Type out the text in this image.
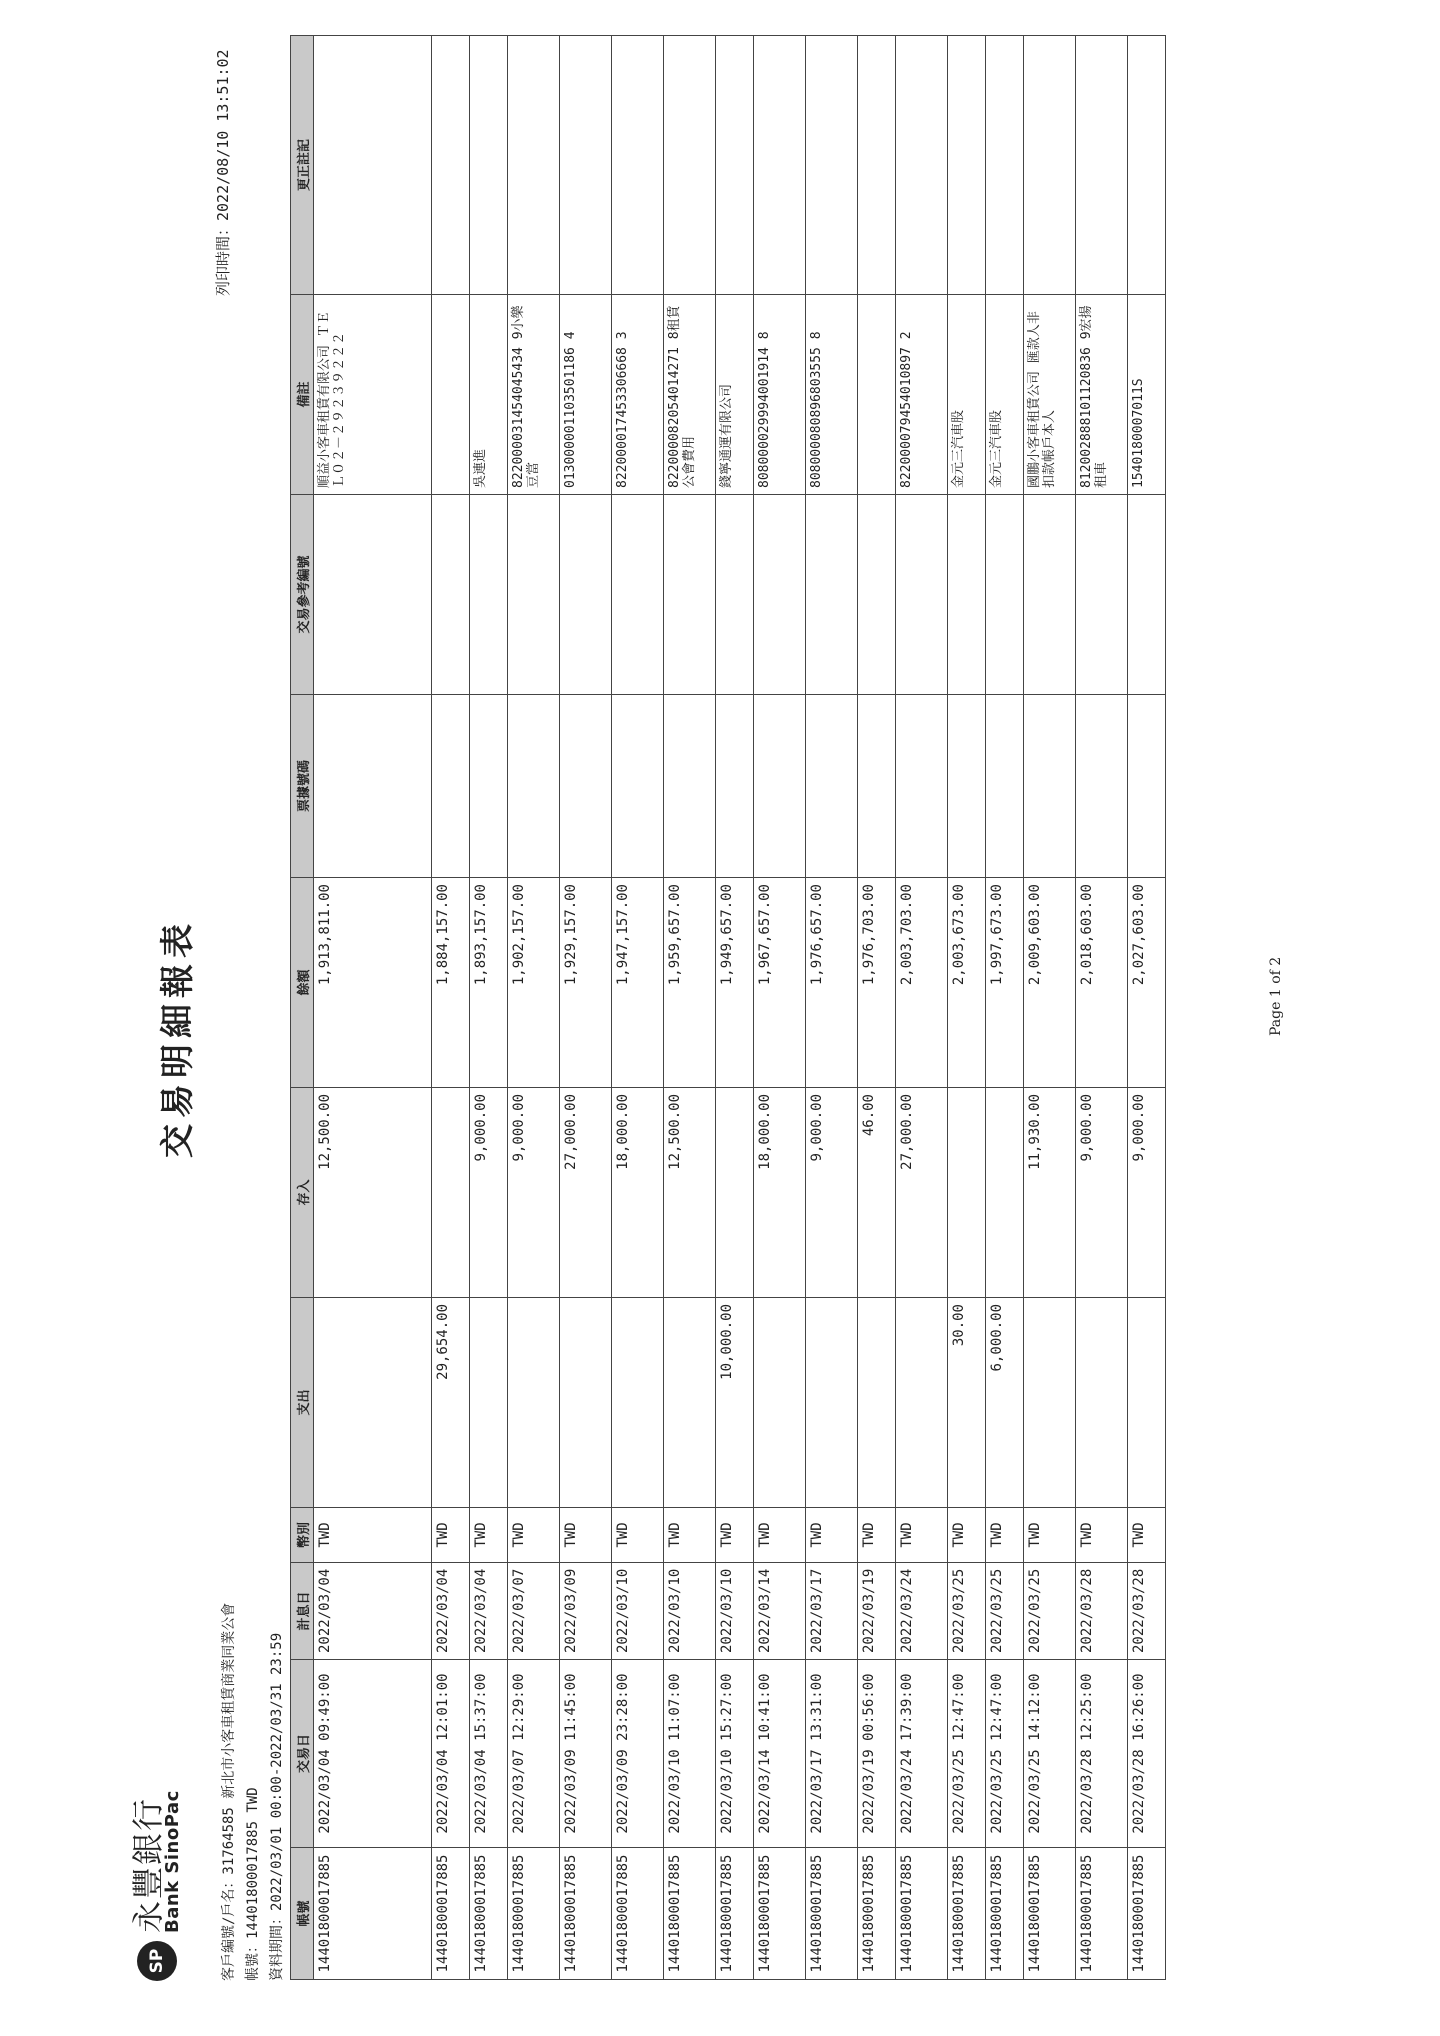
SP
永豐銀行
Bank SinoPac
交易明細報表
客戶編號/戶名：31764585 新北市小客車租賃商業同業公會 帳號：14401800017885 TWD 資料期間：2022/03/01 00:00-2022/03/31 23:59
列印時間：2022/08/10 13:51:02
帳號	交易日	計息日	幣別	支出	存入	餘額	票據號碼	交易參考編號	備註	更正註記
14401800017885	2022/03/04 09:49:00	2022/03/04	TWD		12,500.00	1,913,811.00			順益小客車租賃有限公司 ＴＥＬ０２－２９２３９２２２	
14401800017885	2022/03/04 12:01:00	2022/03/04	TWD	29,654.00		1,884,157.00				
14401800017885	2022/03/04 15:37:00	2022/03/04	TWD		9,000.00	1,893,157.00			吳連進	
14401800017885	2022/03/07 12:29:00	2022/03/07	TWD		9,000.00	1,902,157.00			822000031454045434 9小樂豆當	
14401800017885	2022/03/09 11:45:00	2022/03/09	TWD		27,000.00	1,929,157.00			013000001103501186 4	
14401800017885	2022/03/09 23:28:00	2022/03/10	TWD		18,000.00	1,947,157.00			822000017453306668 3	
14401800017885	2022/03/10 11:07:00	2022/03/10	TWD		12,500.00	1,959,657.00			822000082054014271 8租賃公會費用	
14401800017885	2022/03/10 15:27:00	2022/03/10	TWD	10,000.00		1,949,657.00			錢寧通運有限公司	
14401800017885	2022/03/14 10:41:00	2022/03/14	TWD		18,000.00	1,967,657.00			808000029994001914 8	
14401800017885	2022/03/17 13:31:00	2022/03/17	TWD		9,000.00	1,976,657.00			808000080896803555 8	
14401800017885	2022/03/19 00:56:00	2022/03/19	TWD		46.00	1,976,703.00				
14401800017885	2022/03/24 17:39:00	2022/03/24	TWD		27,000.00	2,003,703.00			822000079454010897 2	
14401800017885	2022/03/25 12:47:00	2022/03/25	TWD	30.00		2,003,673.00			金元三汽車股	
14401800017885	2022/03/25 12:47:00	2022/03/25	TWD	6,000.00		1,997,673.00			金元三汽車股	
14401800017885	2022/03/25 14:12:00	2022/03/25	TWD		11,930.00	2,009,603.00			國鵬小客車租賃公司 匯款人非扣款帳戶本人	
14401800017885	2022/03/28 12:25:00	2022/03/28	TWD		9,000.00	2,018,603.00			812002888101120836 9宏揚租車	
14401800017885	2022/03/28 16:26:00	2022/03/28	TWD		9,000.00	2,027,603.00			1540180007011S	
Page 1 of 2
